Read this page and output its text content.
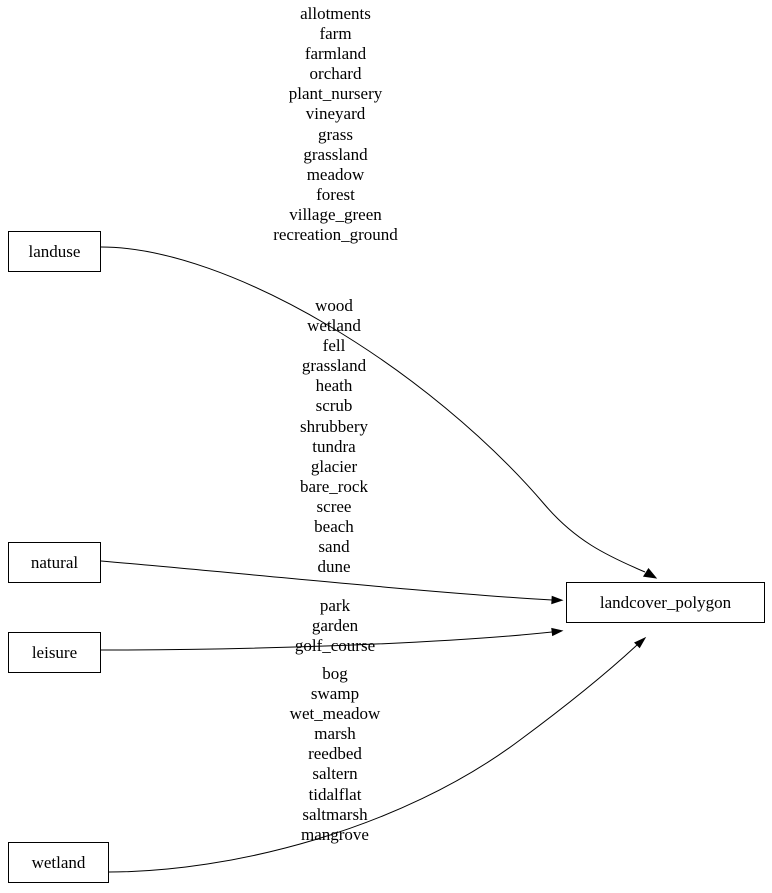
landuse
natural
leisure
wetland
landcover_polygon
allotments
farm
farmland
orchard
plant_nursery
vineyard
grass
grassland
meadow
forest
village_green
recreation_ground
wood
wetland
fell
grassland
heath
scrub
shrubbery
tundra
glacier
bare_rock
scree
beach
sand
dune
park
garden
golf_course
bog
swamp
wet_meadow
marsh
reedbed
saltern
tidalflat
saltmarsh
mangrove
